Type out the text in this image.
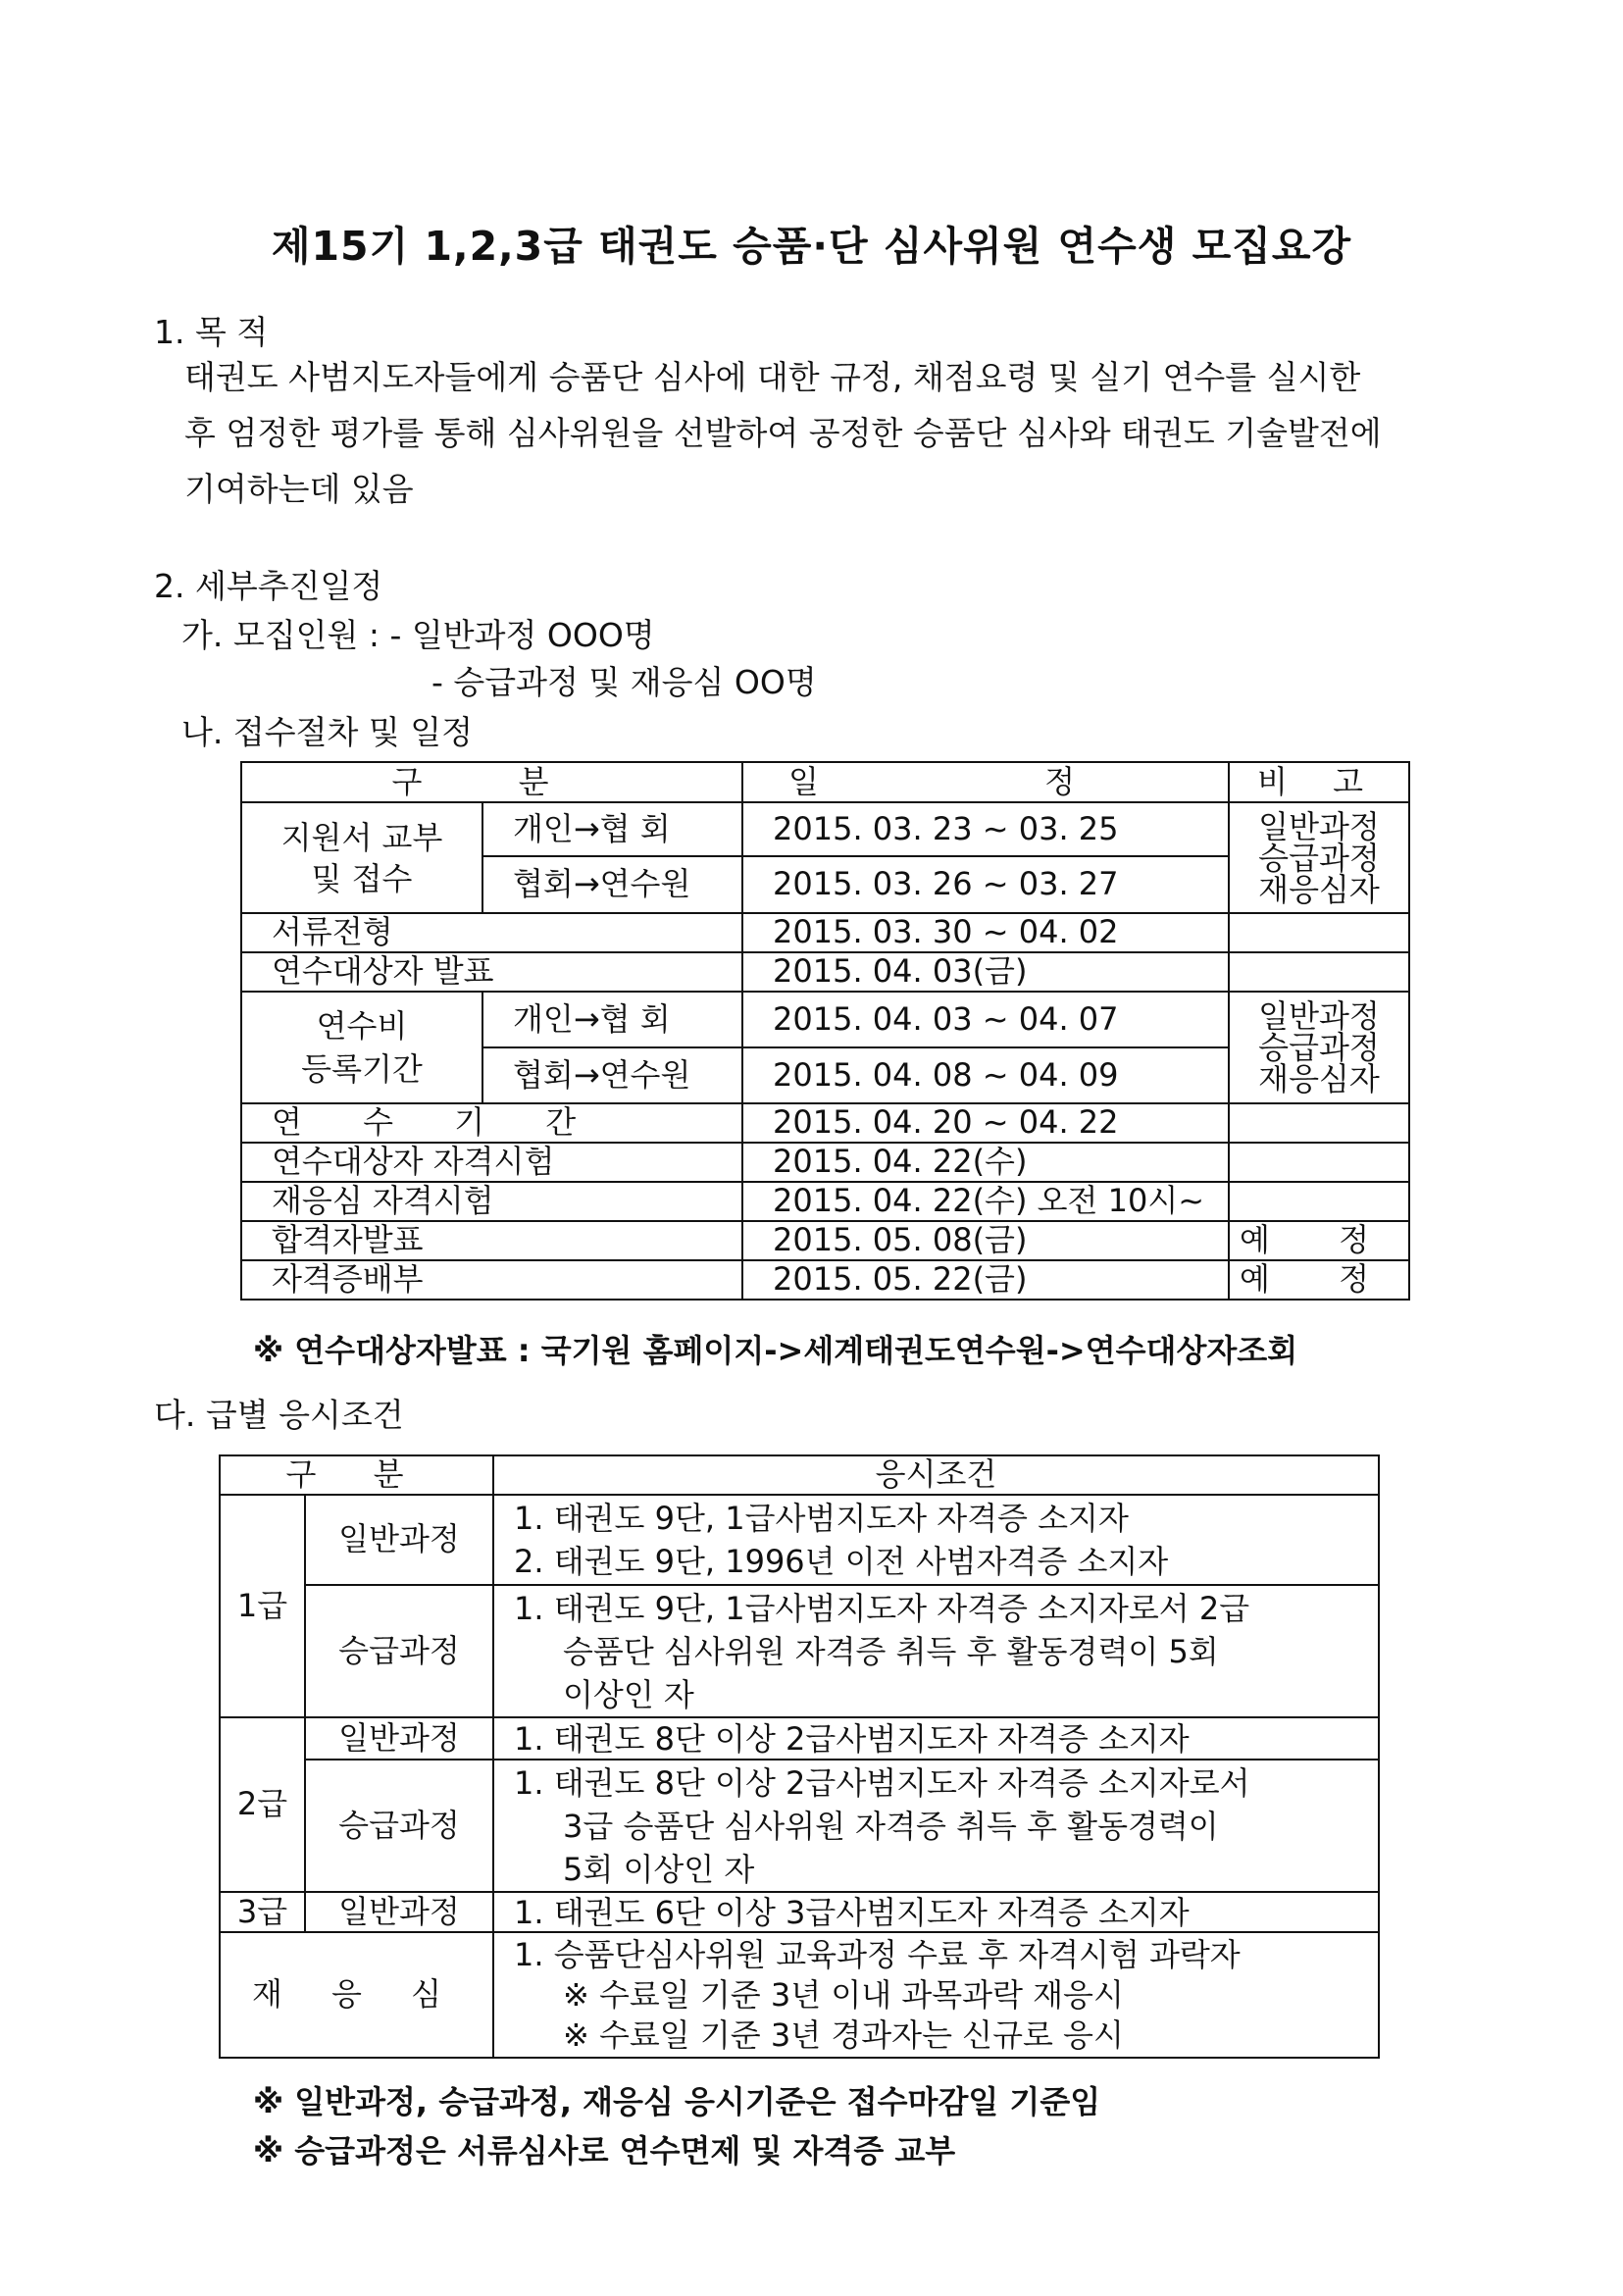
제15기 1,2,3급 태권도 승품·단 심사위원 연수생 모집요강
1. 목 적
태권도 사범지도자들에게 승품단 심사에 대한 규정, 채점요령 및 실기 연수를 실시한
후 엄정한 평가를 통해 심사위원을 선발하여 공정한 승품단 심사와 태권도 기술발전에
기여하는데 있음
2. 세부추진일정
가. 모집인원 : - 일반과정 OOO명
- 승급과정 및 재응심 OO명
나. 접수절차 및 일정
구 분		일 정	비 고
지원서 교부
및 접수	개인→협 회	2015. 03. 23 ~ 03. 25	일반과정
승급과정
재응심자
	협회→연수원	2015. 03. 26 ~ 03. 27	
서류전형		2015. 03. 30 ~ 04. 02	
연수대상자 발표		2015. 04. 03(금)	
연수비
등록기간	개인→협 회	2015. 04. 03 ~ 04. 07	일반과정
승급과정
재응심자
	협회→연수원	2015. 04. 08 ~ 04. 09	
연 수 기 간		2015. 04. 20 ~ 04. 22	
연수대상자 자격시험		2015. 04. 22(수)	
재응심 자격시험		2015. 04. 22(수) 오전 10시~	
합격자발표		2015. 05. 08(금)	예 정
자격증배부		2015. 05. 22(금)	예 정
※ 연수대상자발표 : 국기원 홈페이지->세계태권도연수원->연수대상자조회
다. 급별 응시조건
구 분		응시조건
1급	일반과정	1. 태권도 9단, 1급사범지도자 자격증 소지자
2. 태권도 9단, 1996년 이전 사범자격증 소지자

	승급과정	1. 태권도 9단, 1급사범지도자 자격증 소지자로서 2급
승품단 심사위원 자격증 취득 후 활동경력이 5회
이상인 자

2급	일반과정	1. 태권도 8단 이상 2급사범지도자 자격증 소지자

	승급과정	1. 태권도 8단 이상 2급사범지도자 자격증 소지자로서
3급 승품단 심사위원 자격증 취득 후 활동경력이
5회 이상인 자

3급	일반과정	1. 태권도 6단 이상 3급사범지도자 자격증 소지자

재 응 심		1. 승품단심사위원 교육과정 수료 후 자격시험 과락자
※ 수료일 기준 3년 이내 과목과락 재응시
※ 수료일 기준 3년 경과자는 신규로 응시
※ 일반과정, 승급과정, 재응심 응시기준은 접수마감일 기준임
※ 승급과정은 서류심사로 연수면제 및 자격증 교부
